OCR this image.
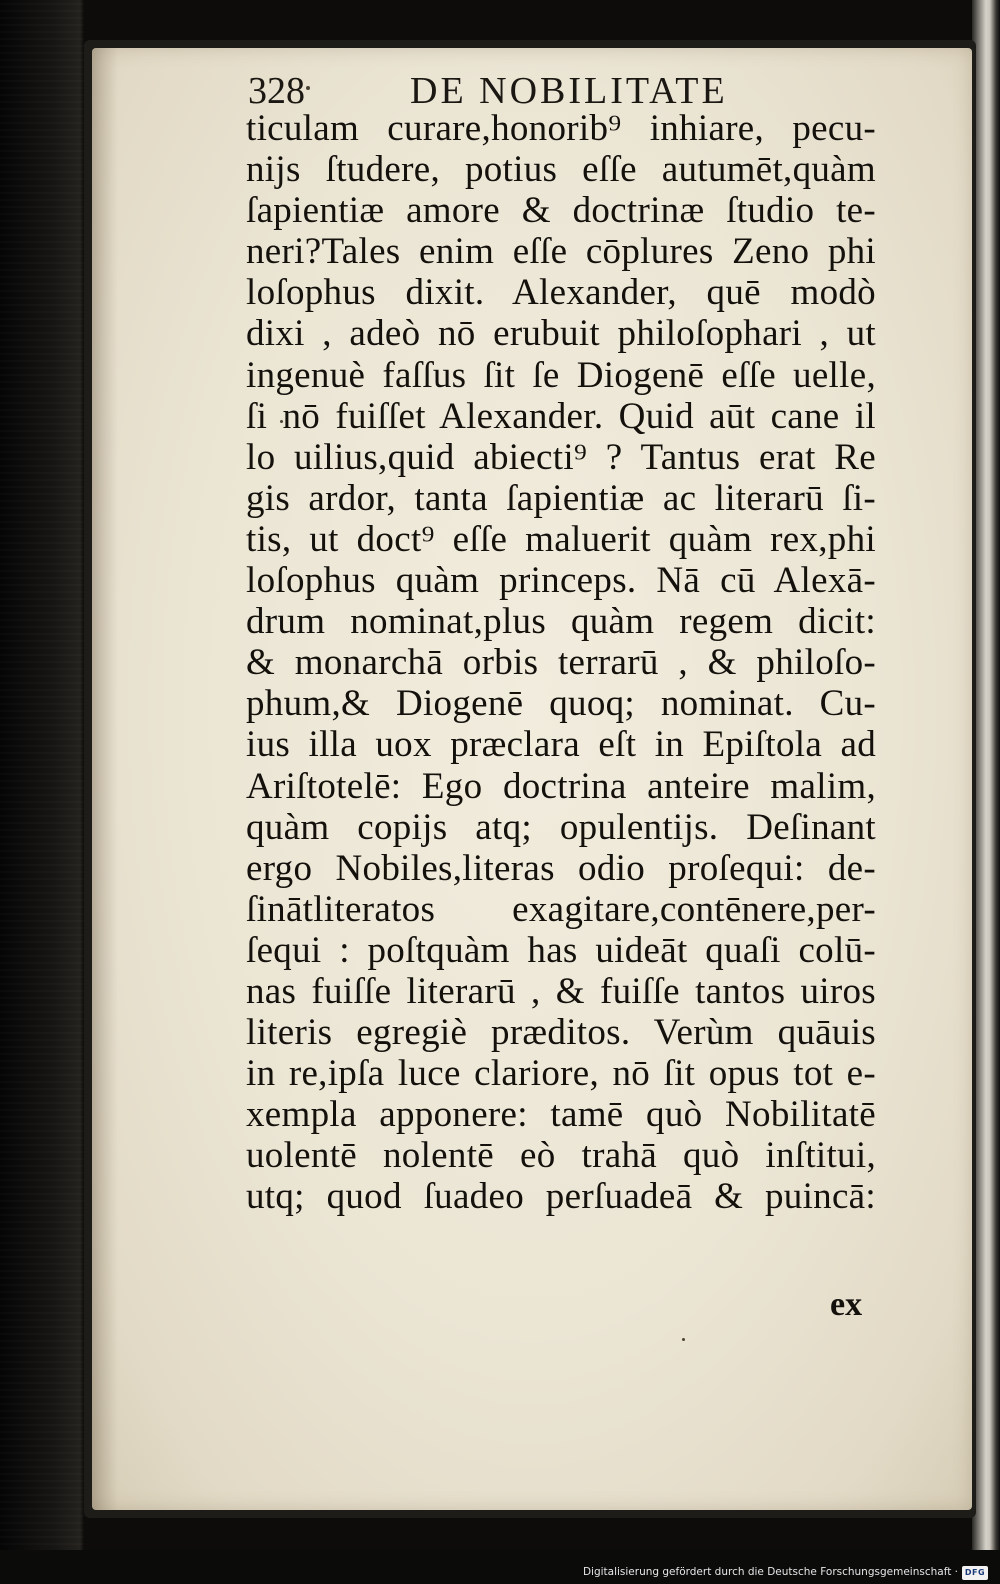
328	DE NOBILITATE
ticulam curare,honorib⁹ inhiare, pecu-
nijs ſtudere, potius eſſe autumēt,quàm
ſapientiæ amore & doctrinæ ſtudio te-
neri?Tales enim eſſe cōplures Zeno phi
loſophus dixit. Alexander, quē modò
dixi , adeò nō erubuit philoſophari , ut
ingenuè faſſus ſit ſe Diogenē eſſe uelle,
ſi nō fuiſſet Alexander. Quid aūt cane il
lo uilius,quid abiecti⁹ ? Tantus erat Re
gis ardor, tanta ſapientiæ ac literarū ſi-
tis, ut doct⁹ eſſe maluerit quàm rex,phi
loſophus quàm princeps. Nā cū Alexā-
drum nominat,plus quàm regem dicit:
& monarchā orbis terrarū , & philoſo-
phum,& Diogenē quoq; nominat. Cu-
ius illa uox præclara eſt in Epiſtola ad
Ariſtotelē: Ego doctrina anteire malim,
quàm copijs atq; opulentijs. Deſinant
ergo Nobiles,literas odio proſequi: de-
ſinātliteratos exagitare,contēnere,per-
ſequi : poſtquàm has uideāt quaſi colū-
nas fuiſſe literarū , & fuiſſe tantos uiros
literis egregiè præditos. Verùm quāuis
in re,ipſa luce clariore, nō ſit opus tot e-
xempla apponere: tamē quò Nobilitatē
uolentē nolentē eò trahā quò inſtitui,
utq; quod ſuadeo perſuadeā & puincā:
ex
Digitalisierung gefördert durch die Deutsche Forschungsgemeinschaft · DFG
